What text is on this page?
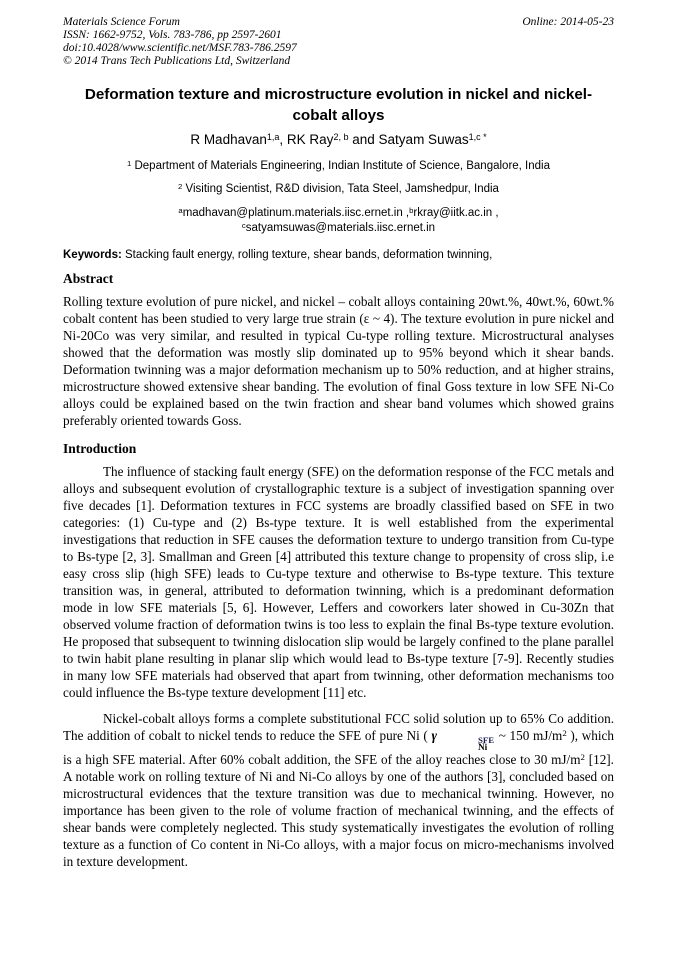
Materials Science Forum
ISSN: 1662-9752, Vols. 783-786, pp 2597-2601
doi:10.4028/www.scientific.net/MSF.783-786.2597
© 2014 Trans Tech Publications Ltd, Switzerland
Online: 2014-05-23
Deformation texture and microstructure evolution in nickel and nickel-cobalt alloys
R Madhavan$^{1,a}$, RK Ray$^{2, b}$ and Satyam Suwas$^{1,c *}$
$^1$ Department of Materials Engineering, Indian Institute of Science, Bangalore, India
$^2$ Visiting Scientist, R&D division, Tata Steel, Jamshedpur, India
$^a$madhavan@platinum.materials.iisc.ernet.in ,$^b$rkray@iitk.ac.in ,
$^c$satyamsuwas@materials.iisc.ernet.in

Keywords: Stacking fault energy, rolling texture, shear bands, deformation twinning,

Abstract

Rolling texture evolution of pure nickel, and nickel – cobalt alloys containing 20wt.%, 40wt.%, 60wt.% cobalt content has been studied to very large true strain (ε ~ 4). The texture evolution in pure nickel and Ni-20Co was very similar, and resulted in typical Cu-type rolling texture. Microstructural analyses showed that the deformation was mostly slip dominated up to 95% beyond which it shear bands. Deformation twinning was a major deformation mechanism up to 50% reduction, and at higher strains, microstructure showed extensive shear banding. The evolution of final Goss texture in low SFE Ni-Co alloys could be explained based on the twin fraction and shear band volumes which showed grains preferably oriented towards Goss.

Introduction

The influence of stacking fault energy (SFE) on the deformation response of the FCC metals and alloys and subsequent evolution of crystallographic texture is a subject of investigation spanning over five decades [1]. Deformation textures in FCC systems are broadly classified based on SFE in two categories: (1) Cu-type and (2) Bs-type texture. It is well established from the experimental investigations that reduction in SFE causes the deformation texture to undergo transition from Cu-type to Bs-type [2, 3]. Smallman and Green [4] attributed this texture change to propensity of cross slip, i.e easy cross slip (high SFE) leads to Cu-type texture and otherwise to Bs-type texture. This texture transition was, in general, attributed to deformation twinning, which is a predominant deformation mode in low SFE materials [5, 6]. However, Leffers and coworkers later showed in Cu-30Zn that observed volume fraction of deformation twins is too less to explain the final Bs-type texture evolution. He proposed that subsequent to twinning dislocation slip would be largely confined to the plane parallel to twin habit plane resulting in planar slip which would lead to Bs-type texture [7-9]. Recently studies in many low SFE materials had observed that apart from twinning, other deformation mechanisms too could influence the Bs-type texture development [11] etc.

Nickel-cobalt alloys forms a complete substitutional FCC solid solution up to 65% Co addition. The addition of cobalt to nickel tends to reduce the SFE of pure Ni ( γ	SFE
Ni
~ 150 $mJ/m^2$ ), which is a high SFE material. After 60% cobalt addition, the SFE of the alloy reaches close to 30 $mJ/m^2$ [12]. A notable work on rolling texture of Ni and Ni-Co alloys by one of the authors [3], concluded based on microstructural evidences that the texture transition was due to mechanical twinning. However, no importance has been given to the role of volume fraction of mechanical twinning, and the effects of shear bands were completely neglected. This study systematically investigates the evolution of rolling texture as a function of Co content in Ni-Co alloys, with a major focus on micro-mechanisms involved in texture development.
